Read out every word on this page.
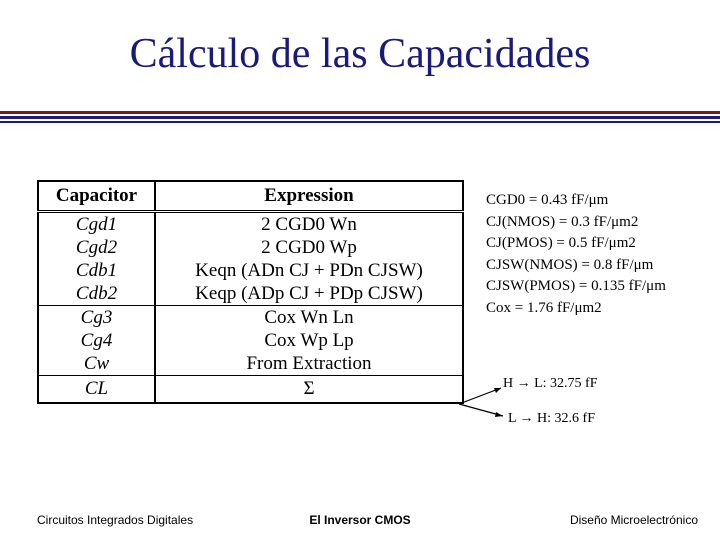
Cálculo de las Capacidades
Capacitor	Expression
Cgd1	2 CGD0 Wn
Cgd2	2 CGD0 Wp
Cdb1	Keqn (ADn CJ + PDn CJSW)
Cdb2	Keqp (ADp CJ + PDp CJSW)
Cg3	Cox Wn Ln
Cg4	Cox Wp Lp
Cw	From Extraction
CL	Σ
CGD0 = 0.43 fF/μm
CJ(NMOS) = 0.3 fF/μm2
CJ(PMOS) = 0.5 fF/μm2
CJSW(NMOS) = 0.8 fF/μm
CJSW(PMOS) = 0.135 fF/μm
Cox = 1.76 fF/μm2
H → L: 32.75 fF
L → H: 32.6 fF
Circuitos Integrados Digitales	El Inversor CMOS	Diseño Microelectrónico
